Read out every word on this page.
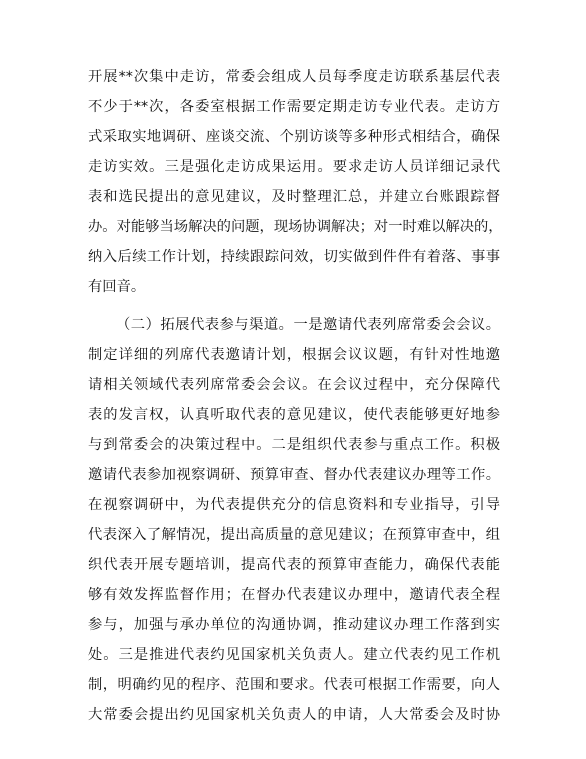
开展**次集中走访，常委会组成人员每季度走访联系基层代表
不少于**次，各委室根据工作需要定期走访专业代表。走访方
式采取实地调研、座谈交流、个别访谈等多种形式相结合，确保
走访实效。三是强化走访成果运用。要求走访人员详细记录代
表和选民提出的意见建议，及时整理汇总，并建立台账跟踪督
办。对能够当场解决的问题，现场协调解决；对一时难以解决的，
纳入后续工作计划，持续跟踪问效，切实做到件件有着落、事事
有回音。
（二）拓展代表参与渠道。一是邀请代表列席常委会会议。
制定详细的列席代表邀请计划，根据会议议题，有针对性地邀
请相关领域代表列席常委会会议。在会议过程中，充分保障代
表的发言权，认真听取代表的意见建议，使代表能够更好地参
与到常委会的决策过程中。二是组织代表参与重点工作。积极
邀请代表参加视察调研、预算审查、督办代表建议办理等工作。
在视察调研中，为代表提供充分的信息资料和专业指导，引导
代表深入了解情况，提出高质量的意见建议；在预算审查中，组
织代表开展专题培训，提高代表的预算审查能力，确保代表能
够有效发挥监督作用；在督办代表建议办理中，邀请代表全程
参与，加强与承办单位的沟通协调，推动建议办理工作落到实
处。三是推进代表约见国家机关负责人。建立代表约见工作机
制，明确约见的程序、范围和要求。代表可根据工作需要，向人
大常委会提出约见国家机关负责人的申请，人大常委会及时协
